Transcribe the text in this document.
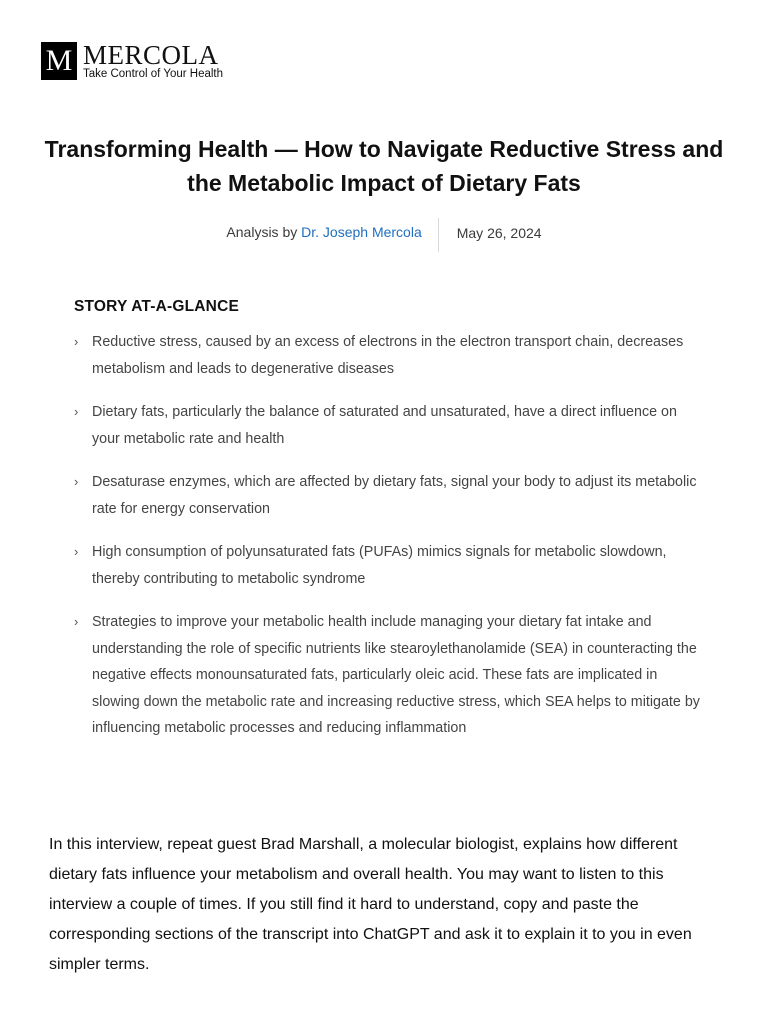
M MERCOLA
Take Control of Your Health
Transforming Health — How to Navigate Reductive Stress and the Metabolic Impact of Dietary Fats
Analysis by Dr. Joseph Mercola	May 26, 2024
STORY AT-A-GLANCE
› Reductive stress, caused by an excess of electrons in the electron transport chain, decreases metabolism and leads to degenerative diseases
› Dietary fats, particularly the balance of saturated and unsaturated, have a direct influence on your metabolic rate and health
› Desaturase enzymes, which are affected by dietary fats, signal your body to adjust its metabolic rate for energy conservation
› High consumption of polyunsaturated fats (PUFAs) mimics signals for metabolic slowdown, thereby contributing to metabolic syndrome
› Strategies to improve your metabolic health include managing your dietary fat intake and understanding the role of specific nutrients like stearoylethanolamide (SEA) in counteracting the negative effects monounsaturated fats, particularly oleic acid. These fats are implicated in slowing down the metabolic rate and increasing reductive stress, which SEA helps to mitigate by influencing metabolic processes and reducing inflammation

In this interview, repeat guest Brad Marshall, a molecular biologist, explains how different dietary fats influence your metabolism and overall health. You may want to listen to this interview a couple of times. If you still find it hard to understand, copy and paste the corresponding sections of the transcript into ChatGPT and ask it to explain it to you in even simpler terms.
